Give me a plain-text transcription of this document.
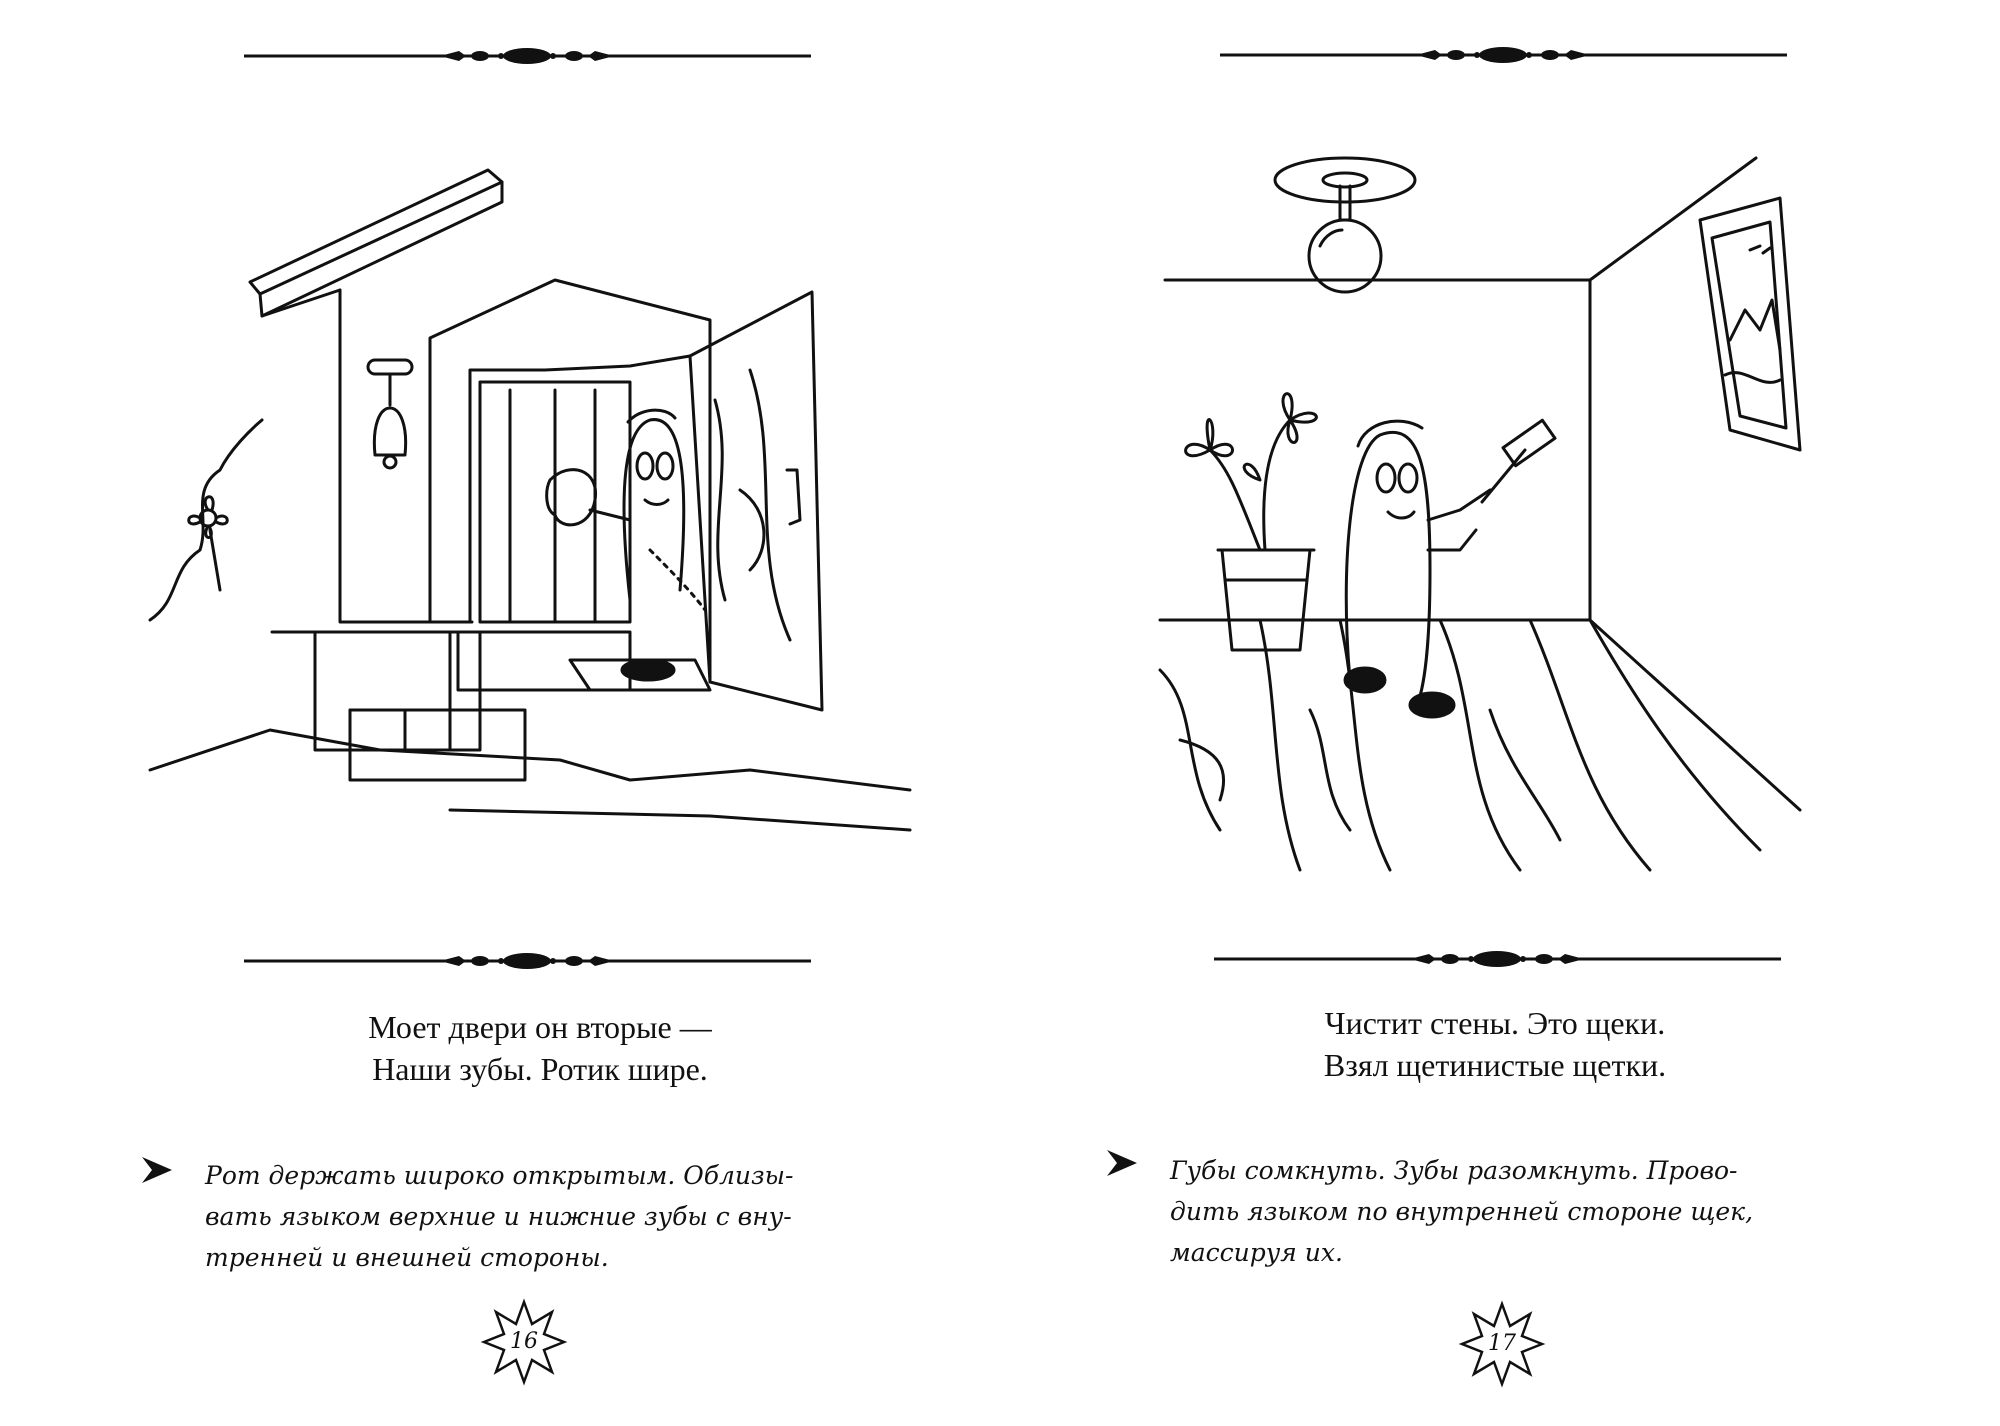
Моет двери он вторые —
Наши зубы. Ротик шире.
Рот держать широко открытым. Облизы-
вать языком верхние и нижние зубы с вну-
тренней и внешней стороны.
16
Чистит стены. Это щеки.
Взял щетинистые щетки.
Губы сомкнуть. Зубы разомкнуть. Прово-
дить языком по внутренней стороне щек,
массируя их.
17
